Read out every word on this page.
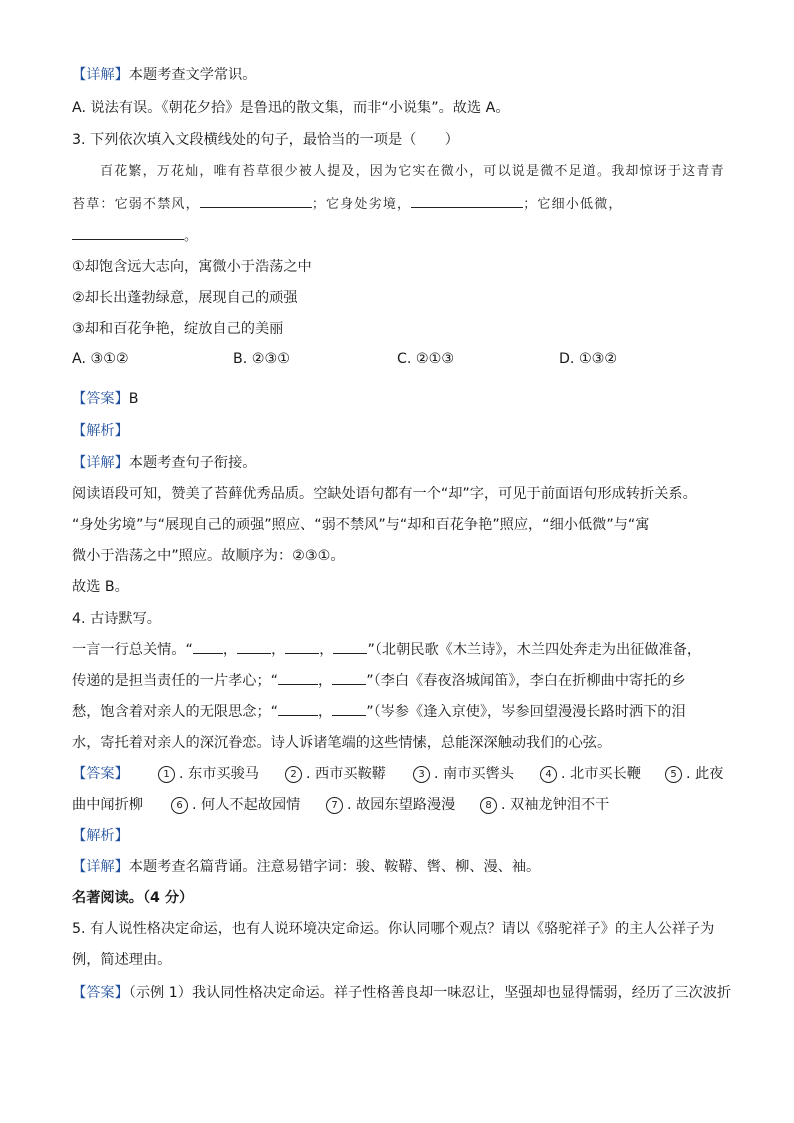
【详解】本题考查文学常识。
A. 说法有误。《朝花夕拾》是鲁迅的散文集，而非“小说集”。故选 A。
3. 下列依次填入文段横线处的句子，最恰当的一项是（　　）
百花繁，万花灿，唯有苔草很少被人提及，因为它实在微小，可以说是微不足道。我却惊讶于这青青
苔草：它弱不禁风，	；它身处劣境，	；它细小低微，
。
①却饱含远大志向，寓微小于浩荡之中
②却长出蓬勃绿意，展现自己的顽强
③却和百花争艳，绽放自己的美丽
A. ③①②	B. ②③①	C. ②①③	D. ①③②
【答案】B
【解析】
【详解】本题考查句子衔接。
阅读语段可知，赞美了苔藓优秀品质。空缺处语句都有一个“却”字，可见于前面语句形成转折关系。
“身处劣境”与“展现自己的顽强”照应、“弱不禁风”与“却和百花争艳”照应，“细小低微”与“寓
微小于浩荡之中”照应。故顺序为：②③①。
故选 B。
4. 古诗默写。
一言一行总关情。“ ， ， ， ”（北朝民歌《木兰诗》，木兰四处奔走为出征做准备，
传递的是担当责任的一片孝心；“	， ”（李白《春夜洛城闻笛》，李白在折柳曲中寄托的乡
愁，饱含着对亲人的无限思念；“	， ”（岑参《逢入京使》，岑参回望漫漫长路时洒下的泪
水，寄托着对亲人的深沉眷恋。诗人诉诸笔端的这些情愫，总能深深触动我们的心弦。
【答案】	1 . 东市买骏马	2 . 西市买鞍鞯	3 . 南市买辔头	4 . 北市买长鞭	5 . 此夜
曲中闻折柳	6 . 何人不起故园情	7 . 故园东望路漫漫	8 . 双袖龙钟泪不干
【解析】
【详解】本题考查名篇背诵。注意易错字词：骏、鞍鞯、辔、柳、漫、袖。
名著阅读。（4 分）
5. 有人说性格决定命运，也有人说环境决定命运。你认同哪个观点？请以《骆驼祥子》的主人公祥子为
例，简述理由。
【答案】（示例 1）我认同性格决定命运。祥子性格善良却一味忍让，坚强却也显得懦弱，经历了三次波折
